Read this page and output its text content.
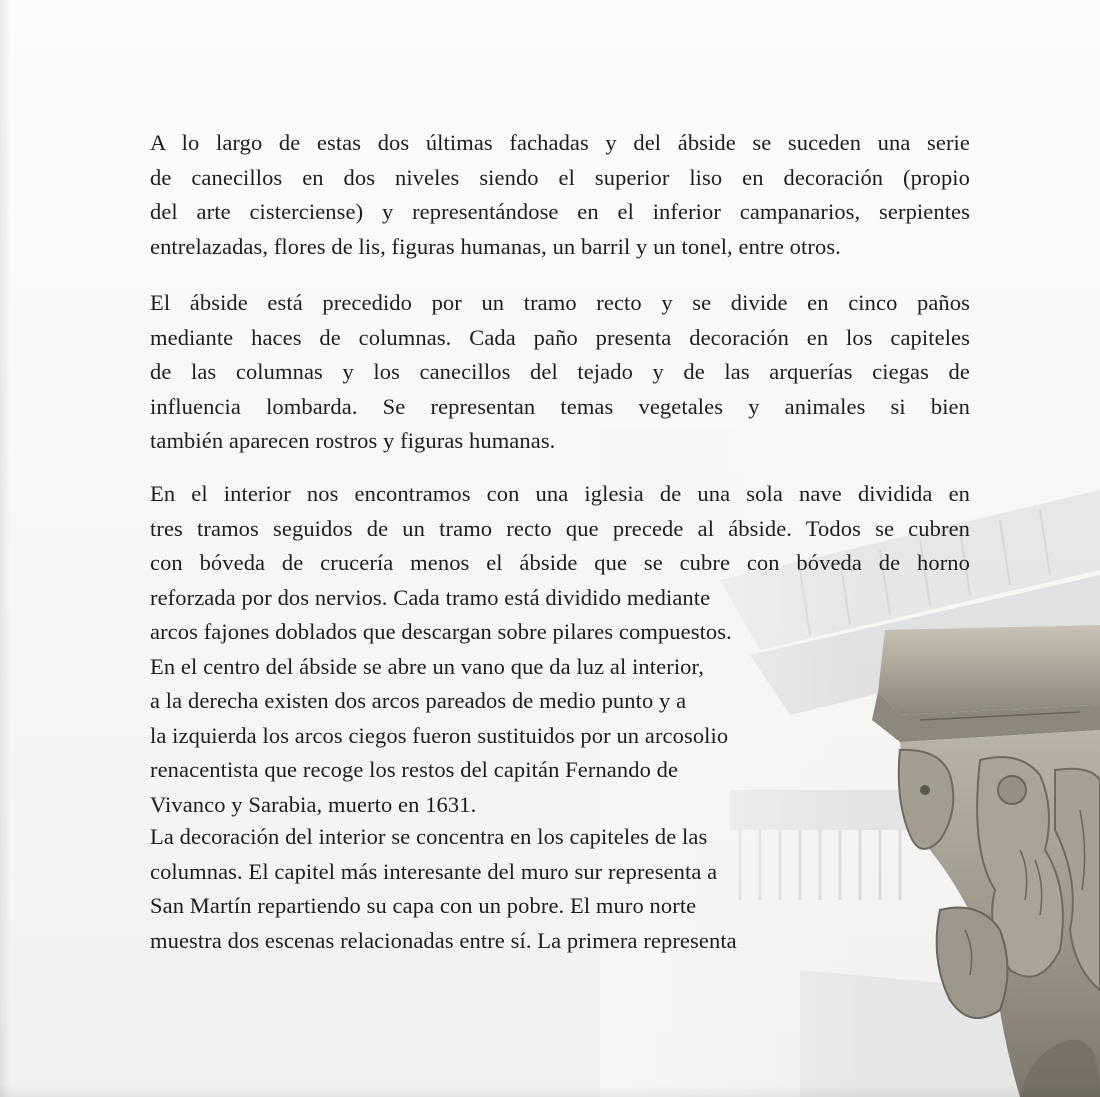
A lo largo de estas dos últimas fachadas y del ábside se suceden una serie
de canecillos en dos niveles siendo el superior liso en decoración (propio
del arte cisterciense) y representándose en el inferior campanarios, serpientes
entrelazadas, flores de lis, figuras humanas, un barril y un tonel, entre otros.
El ábside está precedido por un tramo recto y se divide en cinco paños
mediante haces de columnas. Cada paño presenta decoración en los capiteles
de las columnas y los canecillos del tejado y de las arquerías ciegas de
influencia lombarda. Se representan temas vegetales y animales si bien
también aparecen rostros y figuras humanas.
En el interior nos encontramos con una iglesia de una sola nave dividida en
tres tramos seguidos de un tramo recto que precede al ábside. Todos se cubren
con bóveda de crucería menos el ábside que se cubre con bóveda de horno
reforzada por dos nervios. Cada tramo está dividido mediante
arcos fajones doblados que descargan sobre pilares compuestos.
En el centro del ábside se abre un vano que da luz al interior,
a la derecha existen dos arcos pareados de medio punto y a
la izquierda los arcos ciegos fueron sustituidos por un arcosolio
renacentista que recoge los restos del capitán Fernando de
Vivanco y Sarabia, muerto en 1631.
La decoración del interior se concentra en los capiteles de las
columnas. El capitel más interesante del muro sur representa a
San Martín repartiendo su capa con un pobre. El muro norte
muestra dos escenas relacionadas entre sí. La primera representa
